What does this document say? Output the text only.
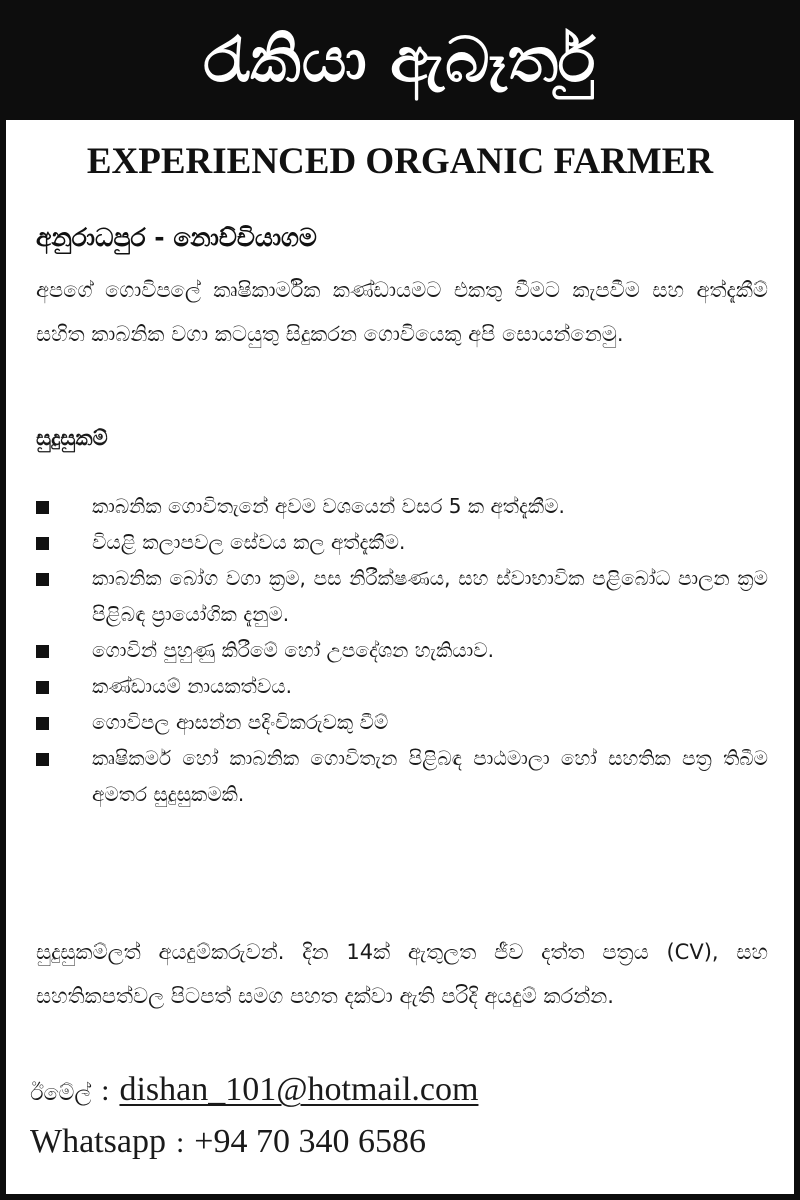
රැකියා ඇබෑර්තු
EXPERIENCED ORGANIC FARMER
අනුරාධපුර - නොච්චියාගම
අපගේ ගොවිපලේ කෘෂිකාර්මික කණ්ඩායමට එකතු වීමට කැපවීම සහ අත්දැකීම් සහිත කාබනික වගා කටයුතු සිදුකරන ගොවියෙකු අපි සොයන්නෙමු.
සුදුසුකම්
කාබනික ගොවිතැනේ අවම වශයෙන් වසර 5 ක අත්දැකීම.
වියළි කලාපවල සේවය කල අත්දැකීම.
කාබනික බෝග වගා ක්‍රම, පස නිරීක්ෂණය, සහ ස්වාභාවික පළිබෝධ පාලන ක්‍රම පිළිබඳ ප්‍රායෝගික දැනුම.
ගොවින් පුහුණු කිරීමේ හෝ උපදේශන හැකියාව.
කණ්ඩායම් නායකත්වය.
ගොවිපල ආසන්න පදිංචිකරුවකු වීම්
කෘෂිකර්ම හෝ කාබනික ගොවිතැන පිළිබඳ පාඨමාලා හෝ සහතික පත්‍ර තිබීම අමතර සුදුසුකමකි.
සුදුසුකම්ලත් අයදුම්කරුවන්. දින 14ක් ඇතුලත ජීව දත්ත පත්‍රය (CV), සහ සහතිකපත්වල පිටපත් සමග පහත දක්වා ඇති පරිදි අයදුම් කරන්න.
ඊමේල් : dishan_101@hotmail.com
Whatsapp : +94 70 340 6586
